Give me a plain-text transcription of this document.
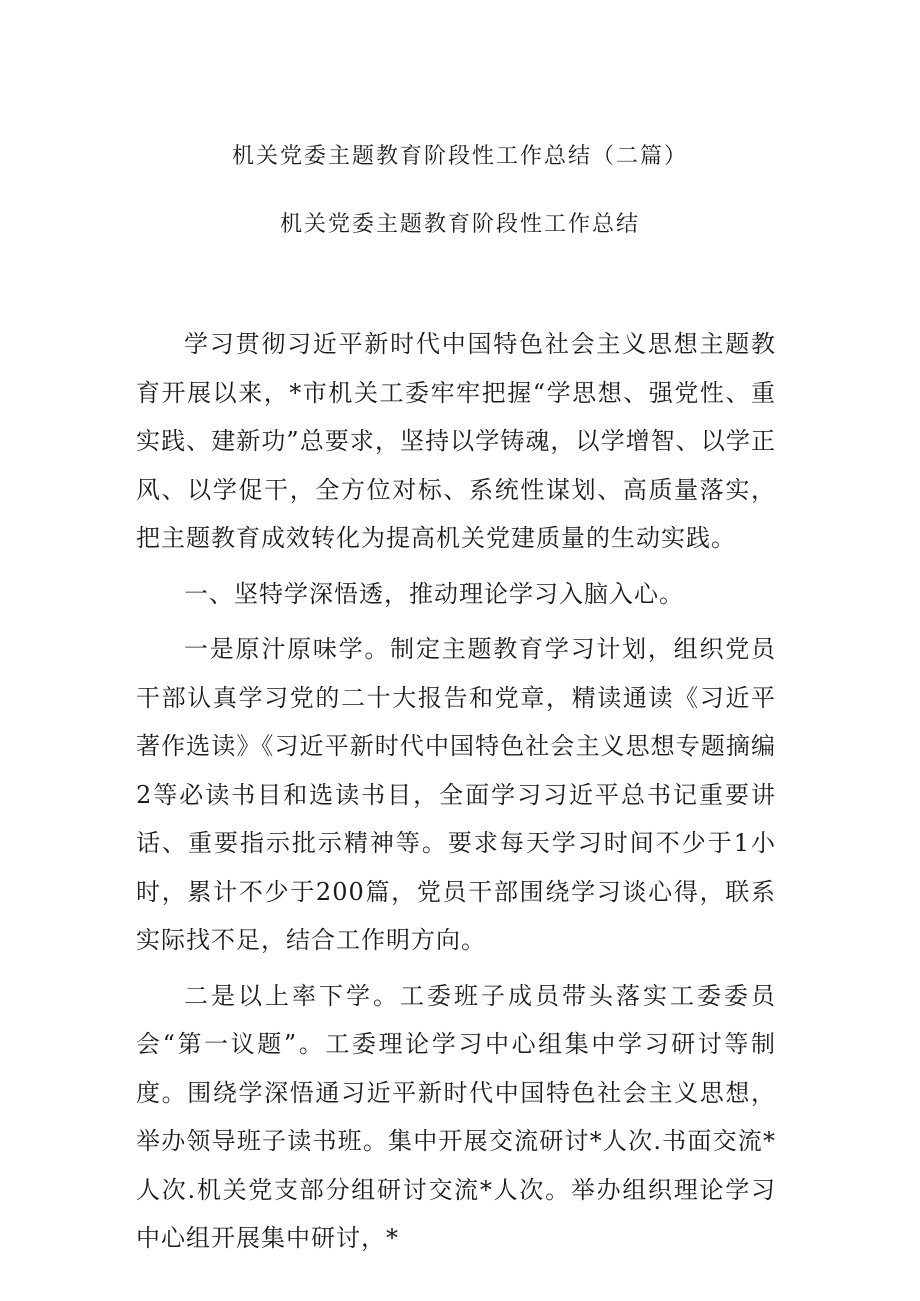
机关党委主题教育阶段性工作总结（二篇）
机关党委主题教育阶段性工作总结

学习贯彻习近平新时代中国特色社会主义思想主题教育开展以来，*市机关工委牢牢把握“学思想、强党性、重实践、建新功”总要求，坚持以学铸魂，以学增智、以学正风、以学促干，全方位对标、系统性谋划、高质量落实，把主题教育成效转化为提高机关党建质量的生动实践。

一、坚特学深悟透，推动理论学习入脑入心。

一是原汁原味学。制定主题教育学习计划，组织党员干部认真学习党的二十大报告和党章，精读通读《习近平著作选读》《习近平新时代中国特色社会主义思想专题摘编2等必读书目和选读书目，全面学习习近平总书记重要讲话、重要指示批示精神等。要求每天学习时间不少于1小时，累计不少于200篇，党员干部围绕学习谈心得，联系实际找不足，结合工作明方向。

二是以上率下学。工委班子成员带头落实工委委员会“第一议题”。工委理论学习中心组集中学习研讨等制度。围绕学深悟通习近平新时代中国特色社会主义思想，举办领导班子读书班。集中开展交流研讨*人次.书面交流*人次.机关党支部分组研讨交流*人次。举办组织理论学习中心组开展集中研讨，*
